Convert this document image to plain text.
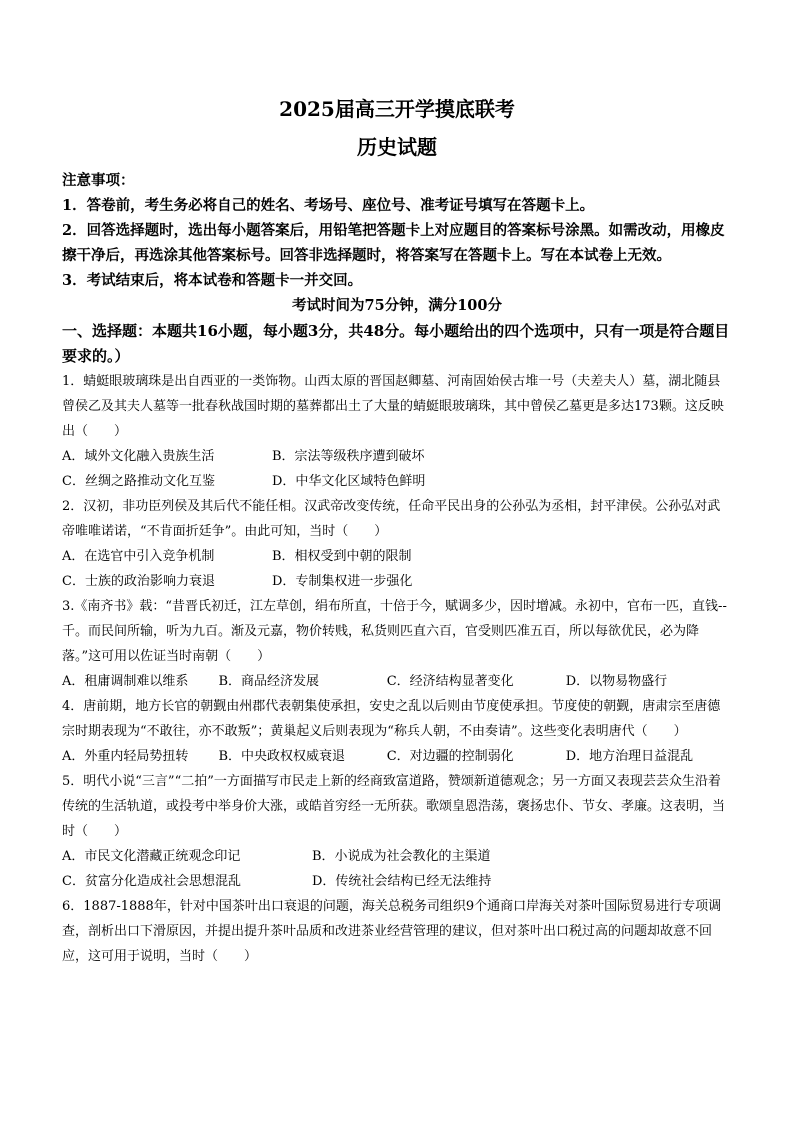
2025届高三开学摸底联考
历史试题

注意事项：

1．答卷前，考生务必将自己的姓名、考场号、座位号、准考证号填写在答题卡上。

2．回答选择题时，选出每小题答案后，用铅笔把答题卡上对应题目的答案标号涂黑。如需改动，用橡皮擦干净后，再选涂其他答案标号。回答非选择题时，将答案写在答题卡上。写在本试卷上无效。

3．考试结束后，将本试卷和答题卡一并交回。

考试时间为75分钟，满分100分

一、选择题：本题共16小题，每小题3分，共48分。每小题给出的四个选项中，只有一项是符合题目要求的。）

1．蜻蜓眼玻璃珠是出自西亚的一类饰物。山西太原的晋国赵卿墓、河南固始侯古堆一号（夫差夫人）墓，湖北随县曾侯乙及其夫人墓等一批春秋战国时期的墓葬都出土了大量的蜻蜓眼玻璃珠，其中曾侯乙墓更是多达173颗。这反映出（　　）

A．域外文化融入贵族生活	B．宗法等级秩序遭到破坏
C．丝绸之路推动文化互鉴	D．中华文化区域特色鲜明

2．汉初，非功臣列侯及其后代不能任相。汉武帝改变传统，任命平民出身的公孙弘为丞相，封平津侯。公孙弘对武帝唯唯诺诺，“不肯面折廷争”。由此可知，当时（　　）

A．在选官中引入竞争机制	B．相权受到中朝的限制
C．士族的政治影响力衰退	D．专制集权进一步强化

3.《南齐书》载：“昔晋氏初迁，江左草创，绢布所直，十倍于今，赋调多少，因时增减。永初中，官布一匹，直钱--千。而民间所输，听为九百。渐及元嘉，物价转贱，私货则匹直六百，官受则匹准五百，所以每欲优民，必为降落。”这可用以佐证当时南朝（　　）

A．租庸调制难以维系	B．商品经济发展	C．经济结构显著变化	D．以物易物盛行

4．唐前期，地方长官的朝觐由州郡代表朝集使承担，安史之乱以后则由节度使承担。节度使的朝觐，唐肃宗至唐德宗时期表现为“不敢往，亦不敢叛”；黄巢起义后则表现为“称兵人朝，不由奏请”。这些变化表明唐代（　　）

A．外重内轻局势扭转	B．中央政权权威衰退	C．对边疆的控制弱化	D．地方治理日益混乱

5．明代小说“三言”“二拍”一方面描写市民走上新的经商致富道路，赞颂新道德观念；另一方面又表现芸芸众生沿着传统的生活轨道，或投考中举身价大涨，或皓首穷经一无所获。歌颂皇恩浩荡，褒扬忠仆、节女、孝廉。这表明，当时（　　）

A．市民文化潜藏正统观念印记	B．小说成为社会教化的主渠道
C．贫富分化造成社会思想混乱	D．传统社会结构已经无法维持

6．1887-1888年，针对中国茶叶出口衰退的问题，海关总税务司组织9个通商口岸海关对茶叶国际贸易进行专项调查，剖析出口下滑原因，并提出提升茶叶品质和改进茶业经营管理的建议，但对茶叶出口税过高的问题却故意不回应，这可用于说明，当时（　　）
